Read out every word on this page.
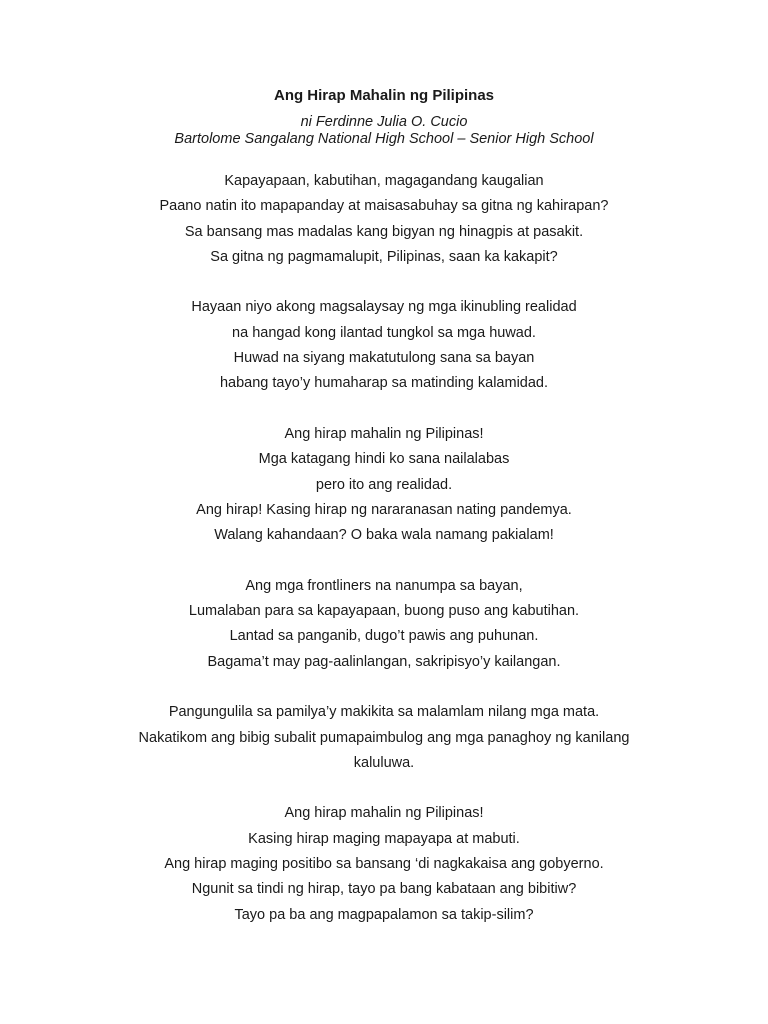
Ang Hirap Mahalin ng Pilipinas

ni Ferdinne Julia O. Cucio

Bartolome Sangalang National High School – Senior High School

Kapayapaan, kabutihan, magagandang kaugalian
Paano natin ito mapapanday at maisasabuhay sa gitna ng kahirapan?
Sa bansang mas madalas kang bigyan ng hinagpis at pasakit.
Sa gitna ng pagmamalupit, Pilipinas, saan ka kakapit?
Hayaan niyo akong magsalaysay ng mga ikinubling realidad
na hangad kong ilantad tungkol sa mga huwad.
Huwad na siyang makatutulong sana sa bayan
habang tayo’y humaharap sa matinding kalamidad.
Ang hirap mahalin ng Pilipinas!
Mga katagang hindi ko sana nailalabas
pero ito ang realidad.
Ang hirap! Kasing hirap ng nararanasan nating pandemya.
Walang kahandaan? O baka wala namang pakialam!
Ang mga frontliners na nanumpa sa bayan,
Lumalaban para sa kapayapaan, buong puso ang kabutihan.
Lantad sa panganib, dugo’t pawis ang puhunan.
Bagama’t may pag-aalinlangan, sakripisyo’y kailangan.
Pangungulila sa pamilya’y makikita sa malamlam nilang mga mata.
Nakatikom ang bibig subalit pumapaimbulog ang mga panaghoy ng kanilang
kaluluwa.
Ang hirap mahalin ng Pilipinas!
Kasing hirap maging mapayapa at mabuti.
Ang hirap maging positibo sa bansang ‘di nagkakaisa ang gobyerno.
Ngunit sa tindi ng hirap, tayo pa bang kabataan ang bibitiw?
Tayo pa ba ang magpapalamon sa takip-silim?
